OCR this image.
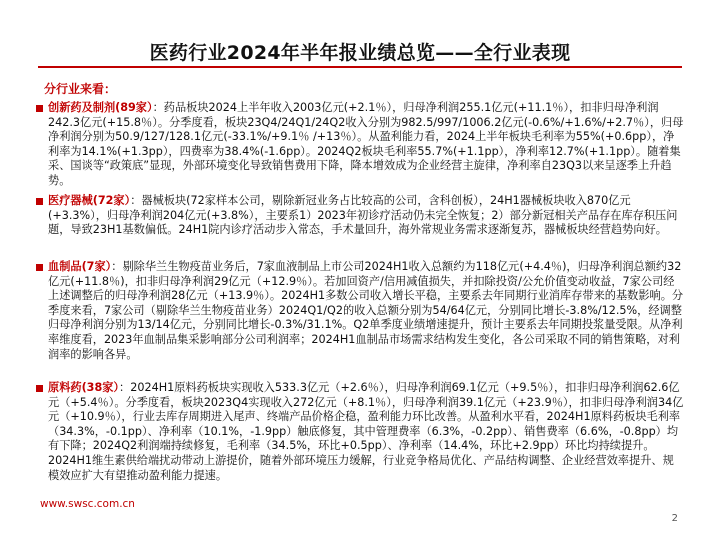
医药行业2024年半年报业绩总览——全行业表现
分行业来看：
创新药及制剂(89家）：药品板块2024上半年收入2003亿元(+2.1％），归母净利润255.1亿元(+11.1％），扣非归母净利润242.3亿元(+15.8％）。分季度看，板块23Q4/24Q1/24Q2收入分别为982.5/997/1006.2亿元(-0.6%/+1.6%/+2.7％），归母净利润分别为50.9/127/128.1亿元(-33.1%/+9.1％ /+13％）。从盈利能力看，2024上半年板块毛利率为55%(+0.6pp），净利率为14.1%(+1.3pp），四费率为38.4%(-1.6pp）。2024Q2板块毛利率55.7%(+1.1pp），净利率12.7%(+1.1pp）。随着集采、国谈等“政策底”显现，外部环境变化导致销售费用下降，降本增效成为企业经营主旋律，净利率自23Q3以来呈逐季上升趋势。
医疗器械(72家）：器械板块(72家样本公司，剔除新冠业务占比较高的公司，含科创板），24H1器械板块收入870亿元(+3.3%），归母净利润204亿元(+3.8%），主要系1）2023年初诊疗活动仍未完全恢复；2）部分新冠相关产品存在库存积压问题，导致23H1基数偏低。24H1院内诊疗活动步入常态，手术量回升，海外常规业务需求逐渐复苏，器械板块经营趋势向好。
血制品(7家）：剔除华兰生物疫苗业务后，7家血液制品上市公司2024H1收入总额约为118亿元(+4.4％)，归母净利润总额约32亿元(+11.8％)，扣非归母净利润29亿元（+12.9％）。若加回资产/信用减值损失，并扣除投资/公允价值变动收益，7家公司经上述调整后的归母净利润28亿元（+13.9％）。2024H1多数公司收入增长平稳，主要系去年同期行业消库存带来的基数影响。分季度来看，7家公司（剔除华兰生物疫苗业务）2024Q1/Q2的收入总额分别为54/64亿元，分别同比增长-3.8%/12.5%，经调整归母净利润分别为13/14亿元，分别同比增长-0.3%/31.1%。Q2单季度业绩增速提升，预计主要系去年同期投浆量受限。从净利率维度看，2023年血制品集采影响部分公司利润率；2024H1血制品市场需求结构发生变化，各公司采取不同的销售策略，对利润率的影响各异。
原料药(38家）：2024H1原料药板块实现收入533.3亿元（+2.6％），归母净利润69.1亿元（+9.5％），扣非归母净利润62.6亿元（+5.4％）。分季度看，板块2023Q4实现收入272亿元（+8.1％），归母净利润39.1亿元（+23.9％），扣非归母净利润34亿元（+10.9％），行业去库存周期进入尾声、终端产品价格企稳，盈利能力环比改善。从盈利水平看，2024H1原料药板块毛利率（34.3%，-0.1pp）、净利率（10.1%，-1.9pp）触底修复，其中管理费率（6.3%，-0.2pp）、销售费率（6.6%，-0.8pp）均有下降；2024Q2利润端持续修复，毛利率（34.5%，环比+0.5pp）、净利率（14.4%，环比+2.9pp）环比均持续提升。2024H1维生素供给端扰动带动上游提价，随着外部环境压力缓解，行业竞争格局优化、产品结构调整、企业经营效率提升、规模效应扩大有望推动盈利能力提速。
www.swsc.com.cn
2
